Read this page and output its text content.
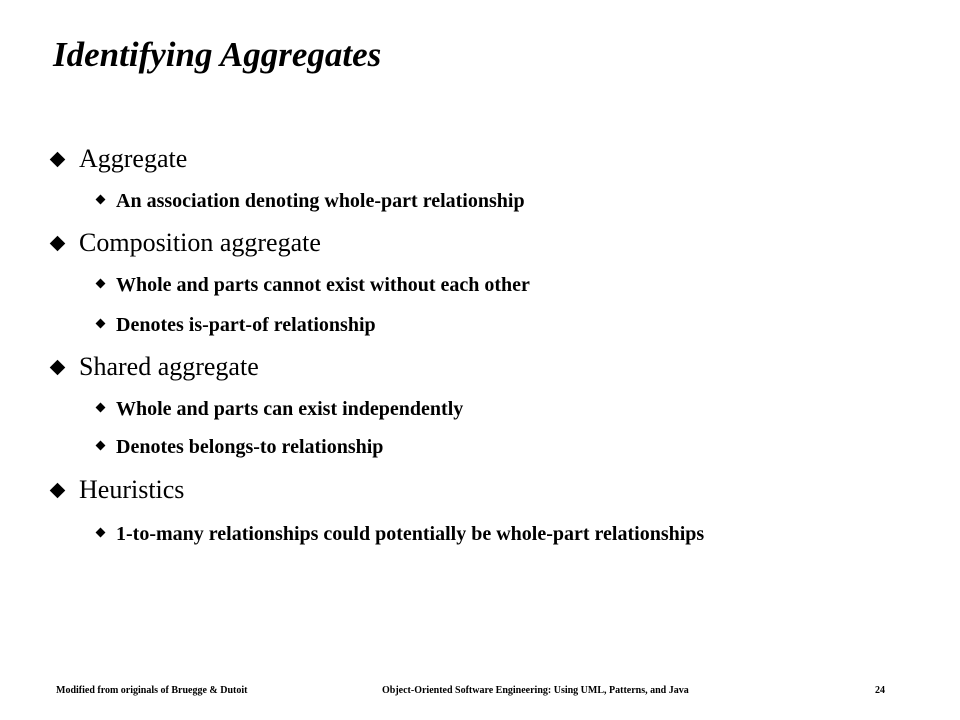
Identifying Aggregates
Aggregate
An association denoting whole-part relationship
Composition aggregate
Whole and parts cannot exist without each other
Denotes is-part-of relationship
Shared aggregate
Whole and parts can exist independently
Denotes belongs-to relationship
Heuristics
1-to-many relationships could potentially be whole-part relationships
Modified from originals of Bruegge & Dutoit	Object-Oriented Software Engineering: Using UML, Patterns, and Java	24
